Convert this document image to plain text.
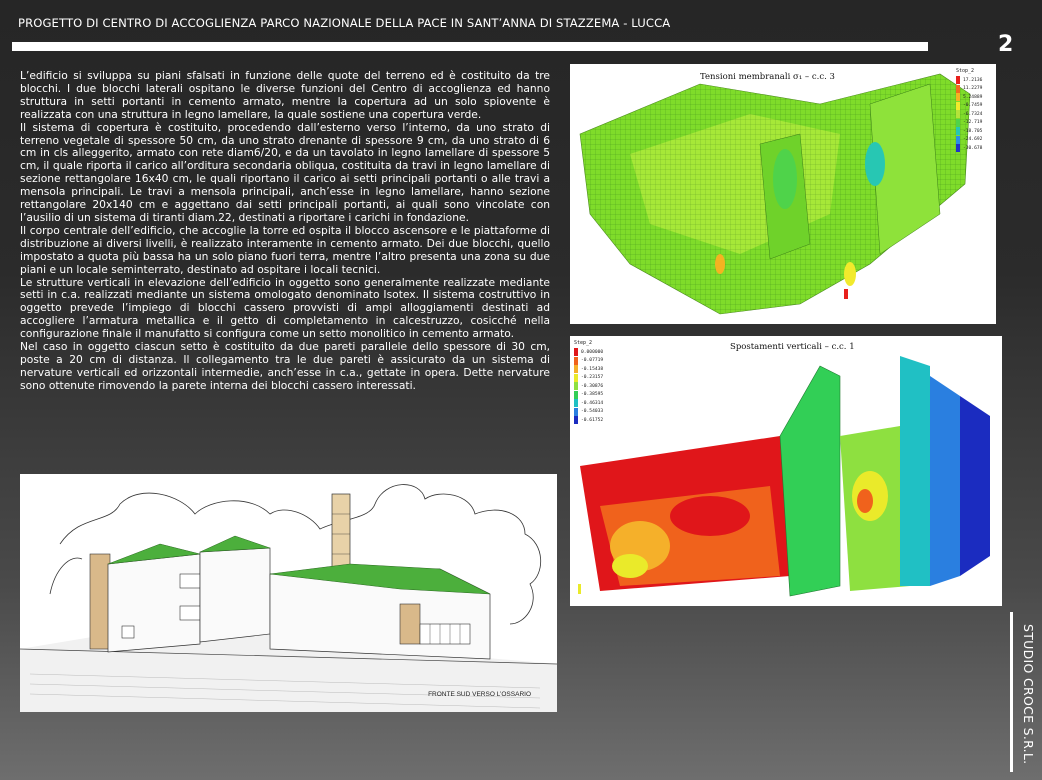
PROGETTO DI CENTRO DI ACCOGLIENZA PARCO NAZIONALE DELLA PACE IN SANT’ANNA DI STAZZEMA - LUCCA
2

L’edificio si sviluppa su piani sfalsati in funzione delle quote del terreno ed è costituito da tre blocchi. I due blocchi laterali ospitano le diverse funzioni del Centro di accoglienza ed hanno struttura in setti portanti in cemento armato, mentre la copertura ad un solo spiovente è realizzata con una struttura in legno lamellare, la quale sostiene una copertura verde.

Il sistema di copertura è costituito, procedendo dall’esterno verso l’interno, da uno strato di terreno vegetale di spessore 50 cm, da uno strato drenante di spessore 9 cm, da uno strato di 6 cm in cls alleggerito, armato con rete diam6/20, e da un tavolato in legno lamellare di spessore 5 cm, il quale riporta il carico all’orditura secondaria obliqua, costituita da travi in legno lamellare di sezione rettangolare 16x40 cm, le quali riportano il carico ai setti principali portanti o alle travi a mensola principali. Le travi a mensola principali, anch’esse in legno lamellare, hanno sezione rettangolare 20x140 cm e aggettano dai setti principali portanti, ai quali sono vincolate con l’ausilio di un sistema di tiranti diam.22, destinati a riportare i carichi in fondazione.

Il corpo centrale dell’edificio, che accoglie la torre ed ospita il blocco ascensore e le piattaforme di distribuzione ai diversi livelli, è realizzato interamente in cemento armato. Dei due blocchi, quello impostato a quota più bassa ha un solo piano fuori terra, mentre l’altro presenta una zona su due piani e un locale seminterrato, destinato ad ospitare i locali tecnici.

Le strutture verticali in elevazione dell’edificio in oggetto sono generalmente realizzate mediante setti in c.a. realizzati mediante un sistema omologato denominato Isotex. Il sistema costruttivo in oggetto prevede l’impiego di blocchi cassero provvisti di ampi alloggiamenti destinati ad accogliere l’armatura metallica e il getto di completamento in calcestruzzo, cosicché nella configurazione finale il manufatto si configura come un setto monolitico in cemento armato.

Nel caso in oggetto ciascun setto è costituito da due pareti parallele dello spessore di 30 cm, poste a 20 cm di distanza. Il collegamento tra le due pareti è assicurato da un sistema di nervature verticali ed orizzontali intermedie, anch’esse in c.a., gettate in opera. Dette nervature sono ottenute rimovendo la parete interna dei blocchi cassero interessati.

FRONTE SUD VERSO L’OSSARIO
Tensioni membranali σ₁ – c.c. 3
Stop_2
17.2136
11.2279
5.24889
-0.7459
-6.7324
-12.719
-18.705
-24.692
-30.678
Spostamenti verticali – c.c. 1
Step_2
0.000000
-0.07719
-0.15438
-0.23157
-0.30876
-0.38595
-0.46314
-0.54033
-0.61752
STUDIO CROCE S.R.L.
